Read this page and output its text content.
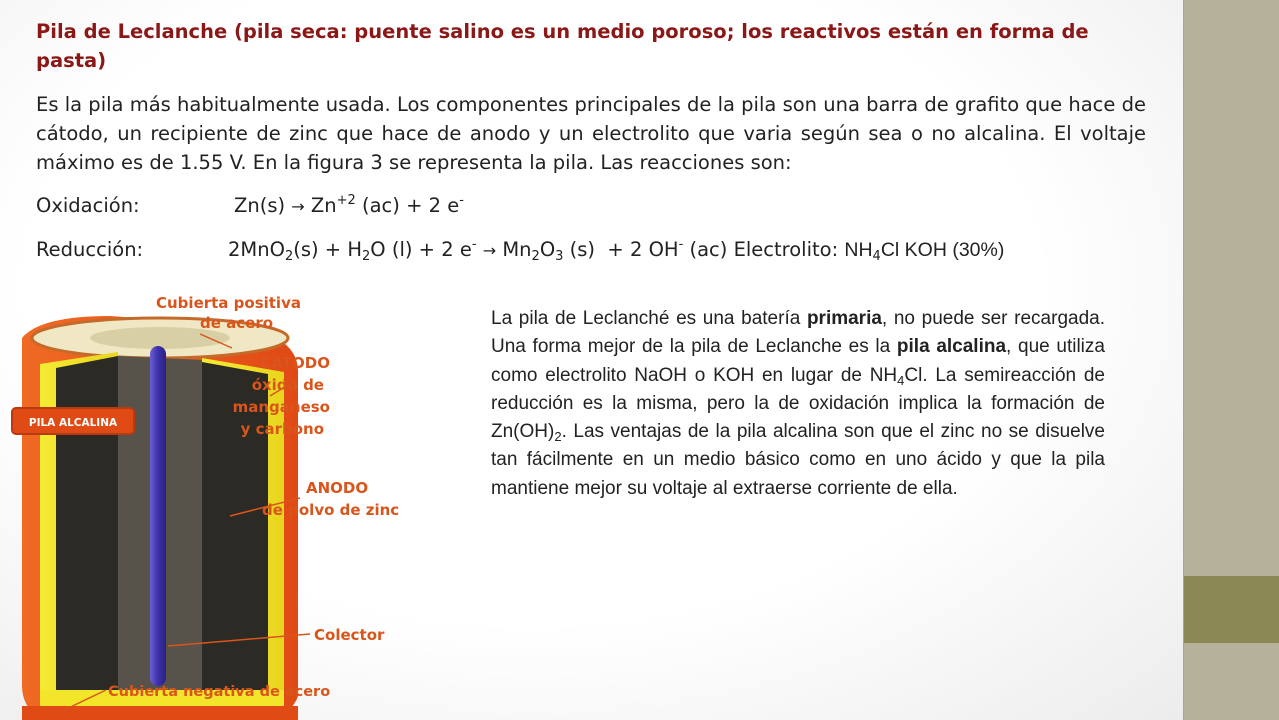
Pila de Leclanche (pila seca: puente salino es un medio poroso; los reactivos están en forma de pasta)

Es la pila más habitualmente usada. Los componentes principales de la pila son una barra de grafito que hace de cátodo, un recipiente de zinc que hace de anodo y un electrolito que varia según sea o no alcalina. El voltaje máximo es de 1.55 V. En la figura 3 se representa la pila. Las reacciones son:

Oxidación:	$Zn(s) \to Zn^{+2}$ (ac) + 2 e-
Reducción:	$2MnO_2(s) + H_2O$ (l) + 2 $e^- \to Mn_2O_3$ (s)  + 2 OH- (ac) Electrolito: $NH_4Cl$ KOH (30%)

La pila de Leclanché es una batería primaria, no puede ser recargada. Una forma mejor de la pila de Leclanche es la pila alcalina, que utiliza como electrolito NaOH o KOH en lugar de $NH_4Cl$. La semireacción de reducción es la misma, pero la de oxidación implica la formación de $Zn(OH)_2$. Las ventajas de la pila alcalina son que el zinc no se disuelve tan fácilmente en un medio básico como en uno ácido y que la pila mantiene mejor su voltaje al extraerse corriente de ella.

PILA ALCALINA
Cubierta positiva
de acero
CATODO
óxido de
manganeso
y carbono
ANODO
de polvo de zinc
Colector
Cubierta negativa de acero
